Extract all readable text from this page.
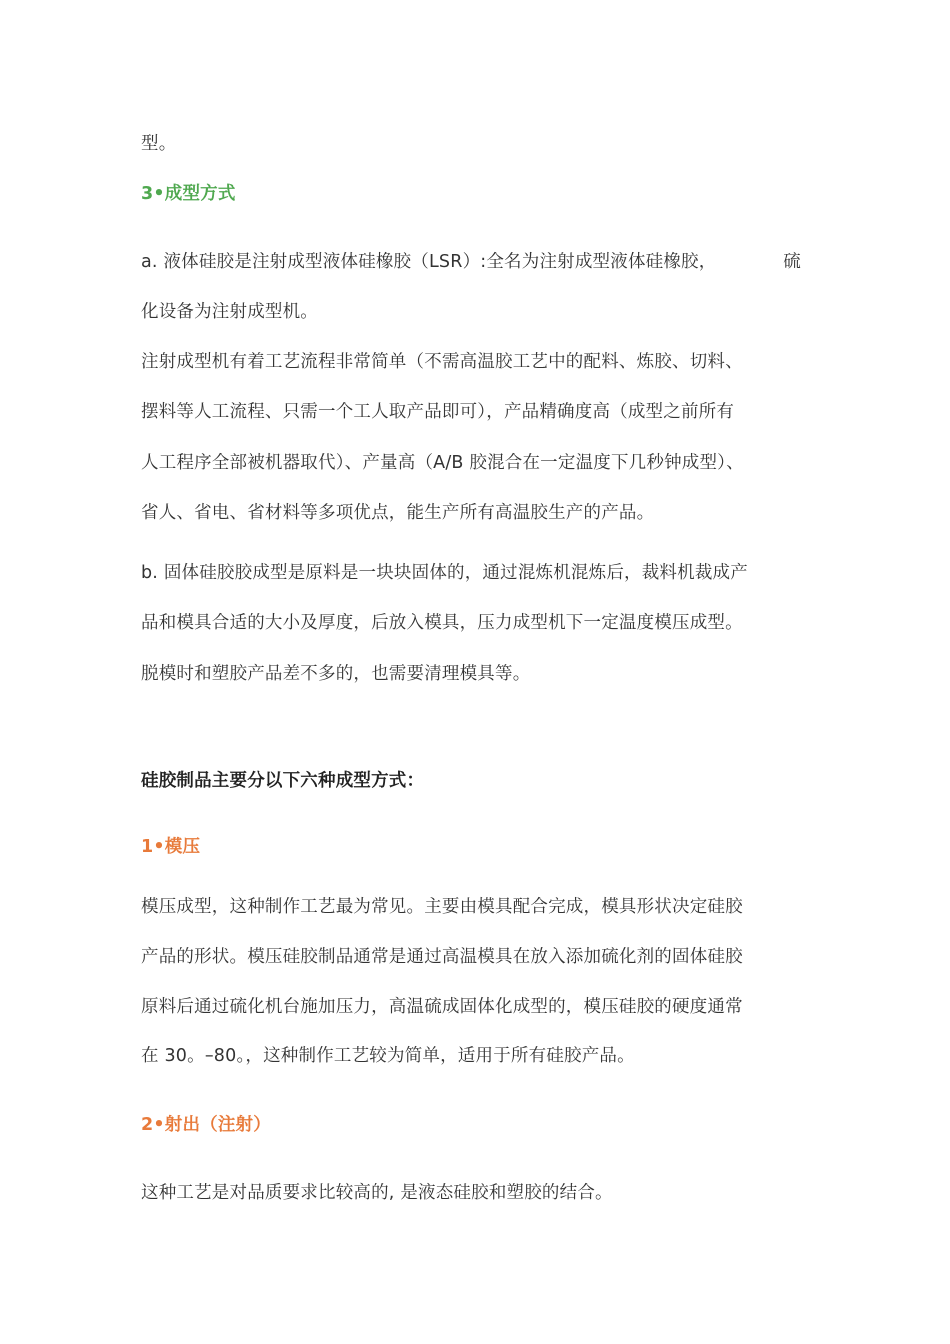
型。
3•成型方式
a. 液体硅胶是注射成型液体硅橡胶（LSR）:全名为注射成型液体硅橡胶，	硫
化设备为注射成型机。
注射成型机有着工艺流程非常简单（不需高温胶工艺中的配料、炼胶、切料、
摆料等人工流程、只需一个工人取产品即可），产品精确度高（成型之前所有
人工程序全部被机器取代）、产量高（A/B 胶混合在一定温度下几秒钟成型）、
省人、省电、省材料等多项优点，能生产所有高温胶生产的产品。
b. 固体硅胶胶成型是原料是一块块固体的，通过混炼机混炼后，裁料机裁成产
品和模具合适的大小及厚度，后放入模具，压力成型机下一定温度模压成型。
脱模时和塑胶产品差不多的，也需要清理模具等。
硅胶制品主要分以下六种成型方式：
1•模压
模压成型，这种制作工艺最为常见。主要由模具配合完成，模具形状决定硅胶
产品的形状。模压硅胶制品通常是通过高温模具在放入添加硫化剂的固体硅胶
原料后通过硫化机台施加压力，高温硫成固体化成型的，模压硅胶的硬度通常
在 30。–80。，这种制作工艺较为简单，适用于所有硅胶产品。
2•射出（注射）
这种工艺是对品质要求比较高的, 是液态硅胶和塑胶的结合。
